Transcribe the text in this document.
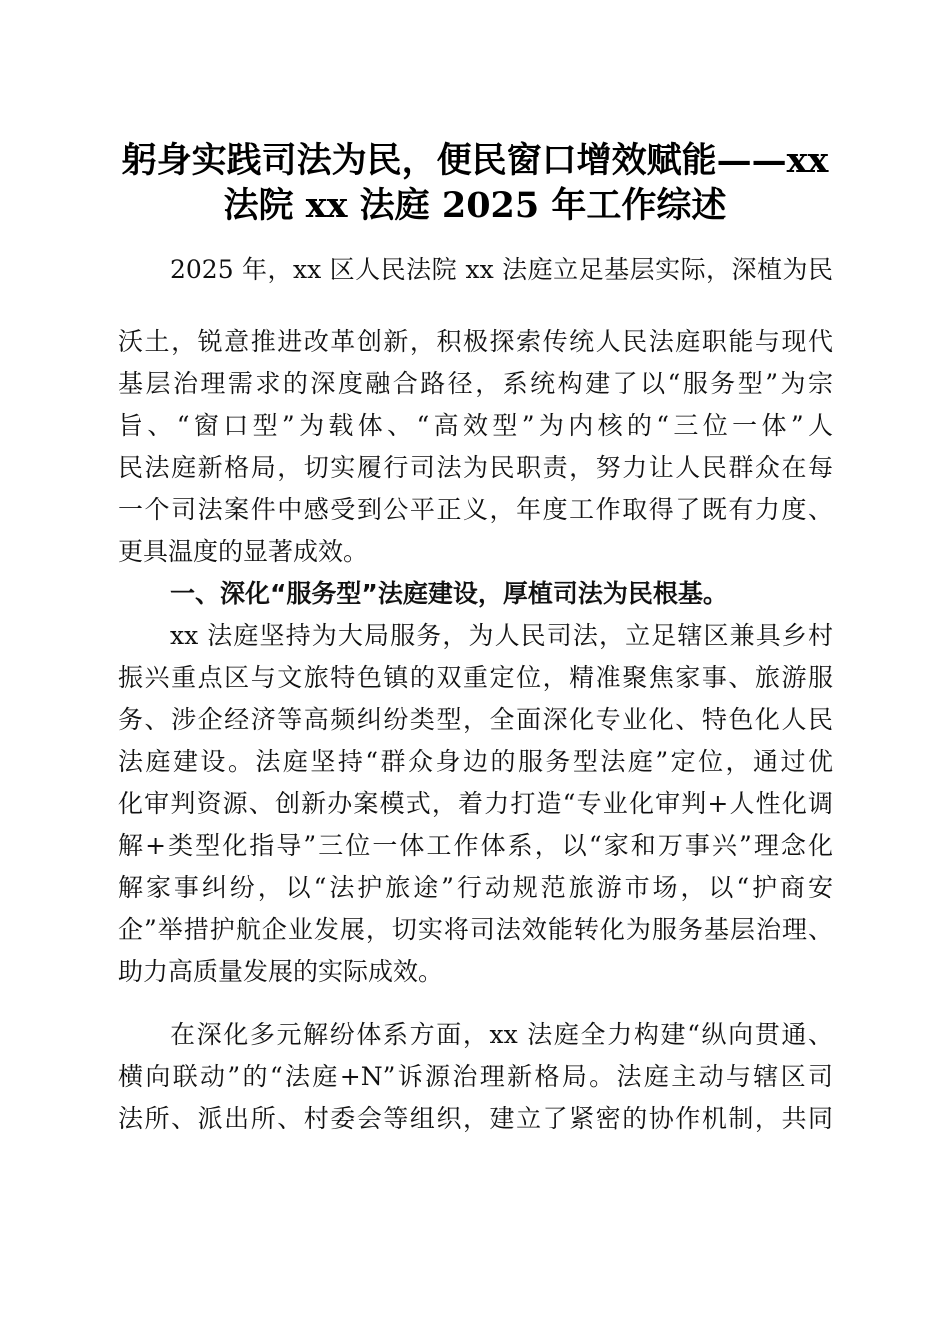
躬身实践司法为民，便民窗口增效赋能——xx
法院 xx 法庭 2025 年工作综述

2025 年，xx 区人民法院 xx 法庭立足基层实际，深植为民

沃土，锐意推进改革创新，积极探索传统人民法庭职能与现代

基层治理需求的深度融合路径，系统构建了以“服务型”为宗

旨、“窗口型”为载体、“高效型”为内核的“三位一体”人

民法庭新格局，切实履行司法为民职责，努力让人民群众在每

一个司法案件中感受到公平正义，年度工作取得了既有力度、

更具温度的显著成效。

一、深化“服务型”法庭建设，厚植司法为民根基。

xx 法庭坚持为大局服务，为人民司法，立足辖区兼具乡村

振兴重点区与文旅特色镇的双重定位，精准聚焦家事、旅游服

务、涉企经济等高频纠纷类型，全面深化专业化、特色化人民

法庭建设。法庭坚持“群众身边的服务型法庭”定位，通过优

化审判资源、创新办案模式，着力打造“专业化审判+人性化调

解+类型化指导”三位一体工作体系，以“家和万事兴”理念化

解家事纠纷，以“法护旅途”行动规范旅游市场，以“护商安

企”举措护航企业发展，切实将司法效能转化为服务基层治理、

助力高质量发展的实际成效。

在深化多元解纷体系方面，xx 法庭全力构建“纵向贯通、

横向联动”的“法庭+N”诉源治理新格局。法庭主动与辖区司

法所、派出所、村委会等组织，建立了紧密的协作机制，共同
